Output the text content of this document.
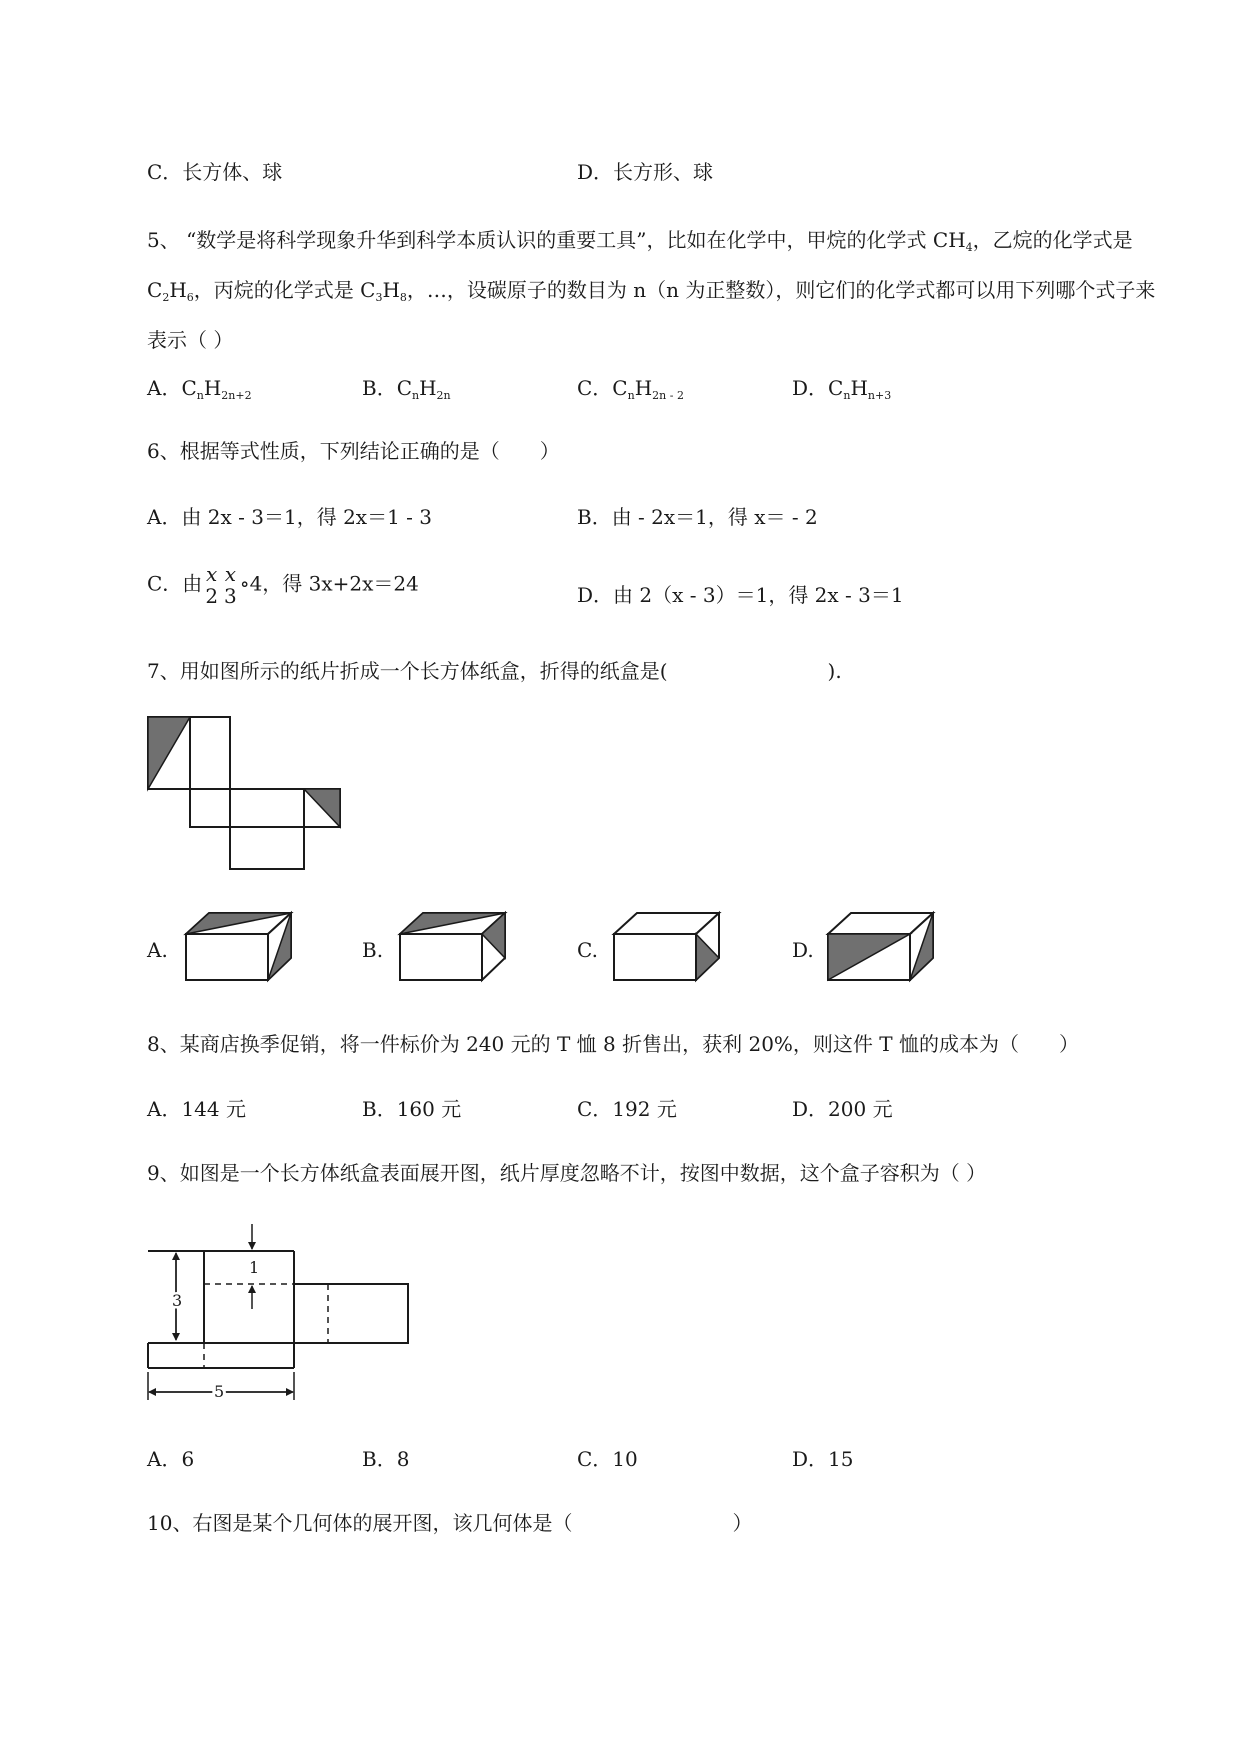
C．长方体、球	D．长方形、球
5、 “数学是将科学现象升华到科学本质认识的重要工具”，比如在化学中，甲烷的化学式 $CH_4$，乙烷的化学式是 $C_2H_6$，丙烷的化学式是 $C_3H_8$，…，设碳原子的数目为 n（n 为正整数），则它们的化学式都可以用下列哪个式子来表示（ ）
A．$C_nH_{2n+2}$	B．$C_nH_{2n}$	C．$C_nH_{2n - 2}$	D．$C_nH_{n+3}$
6、根据等式性质，下列结论正确的是（　　）
A．由 2x - 3＝1，得 2x＝1 - 3	B．由 - 2x＝1，得 x＝ - 2
C．由 x
2
x
3
∘4，得 3x+2x＝24	D．由 2（x - 3）＝1，得 2x - 3＝1
7、用如图所示的纸片折成一个长方体纸盒，折得的纸盒是(　　　　　　　　).
A.	B.	C.	D.
8、某商店换季促销，将一件标价为 240 元的 T 恤 8 折售出，获利 20%，则这件 T 恤的成本为（　　）
A．144 元	B．160 元	C．192 元	D．200 元
9、如图是一个长方体纸盒表面展开图，纸片厚度忽略不计，按图中数据，这个盒子容积为（ ）
1
3
5
A．6	B．8	C．10	D．15
10、右图是某个几何体的展开图，该几何体是（　　　　　　　　）
